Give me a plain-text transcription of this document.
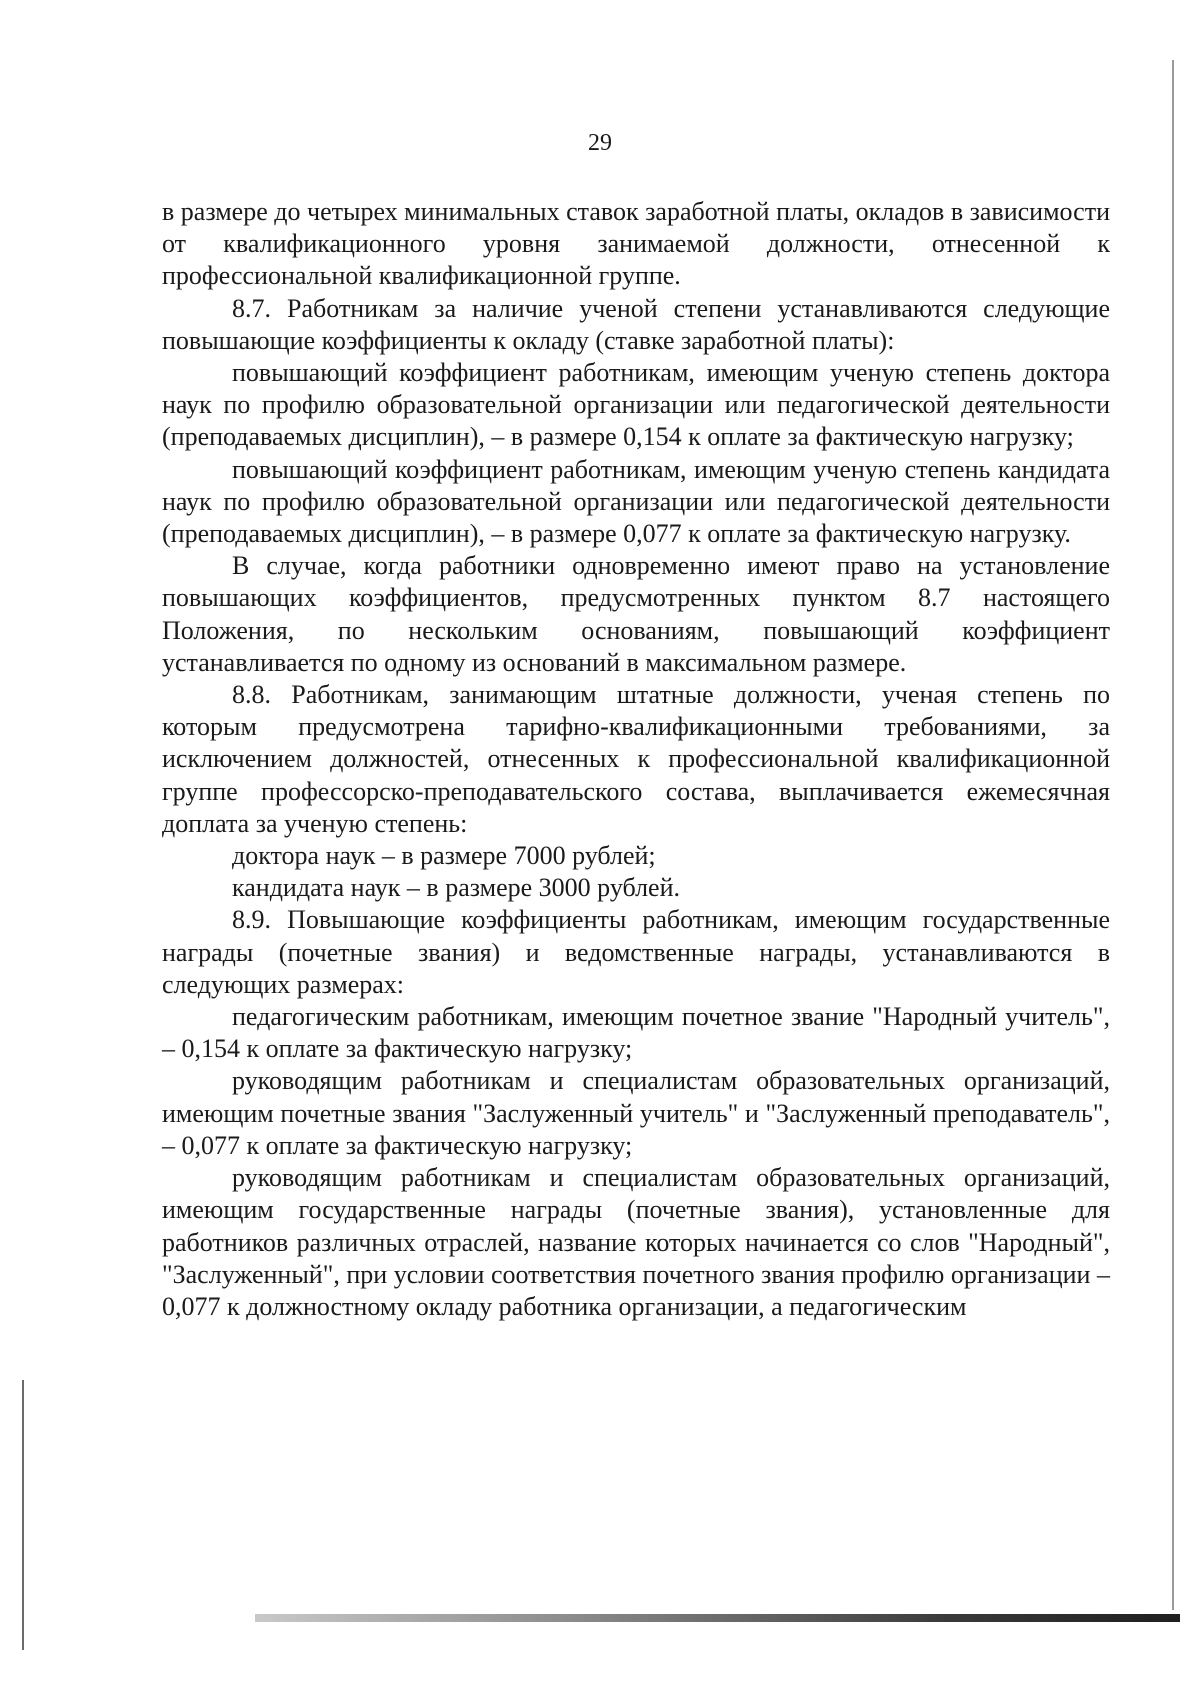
29

в размере до четырех минимальных ставок заработной платы, окладов в зависимости от квалификационного уровня занимаемой должности, отнесенной к профессиональной квалификационной группе.

8.7. Работникам за наличие ученой степени устанавливаются следующие повышающие коэффициенты к окладу (ставке заработной платы):

повышающий коэффициент работникам, имеющим ученую степень доктора наук по профилю образовательной организации или педагогической деятельности (преподаваемых дисциплин), – в размере 0,154 к оплате за фактическую нагрузку;

повышающий коэффициент работникам, имеющим ученую степень кандидата наук по профилю образовательной организации или педагогической деятельности (преподаваемых дисциплин), – в размере 0,077 к оплате за фактическую нагрузку.

В случае, когда работники одновременно имеют право на установление повышающих коэффициентов, предусмотренных пунктом 8.7 настоящего Положения, по нескольким основаниям, повышающий коэффициент устанавливается по одному из оснований в максимальном размере.

8.8. Работникам, занимающим штатные должности, ученая степень по которым предусмотрена тарифно-квалификационными требованиями, за исключением должностей, отнесенных к профессиональной квалификационной группе профессорско-преподавательского состава, выплачивается ежемесячная доплата за ученую степень:

доктора наук – в размере 7000 рублей;

кандидата наук – в размере 3000 рублей.

8.9. Повышающие коэффициенты работникам, имеющим государственные награды (почетные звания) и ведомственные награды, устанавливаются в следующих размерах:

педагогическим работникам, имеющим почетное звание "Народный учитель", – 0,154 к оплате за фактическую нагрузку;

руководящим работникам и специалистам образовательных организаций, имеющим почетные звания "Заслуженный учитель" и "Заслуженный преподаватель", – 0,077 к оплате за фактическую нагрузку;

руководящим работникам и специалистам образовательных организаций, имеющим государственные награды (почетные звания), установленные для работников различных отраслей, название которых начинается со слов "Народный", "Заслуженный", при условии соответствия почетного звания профилю организации – 0,077 к должностному окладу работника организации, а педагогическим
